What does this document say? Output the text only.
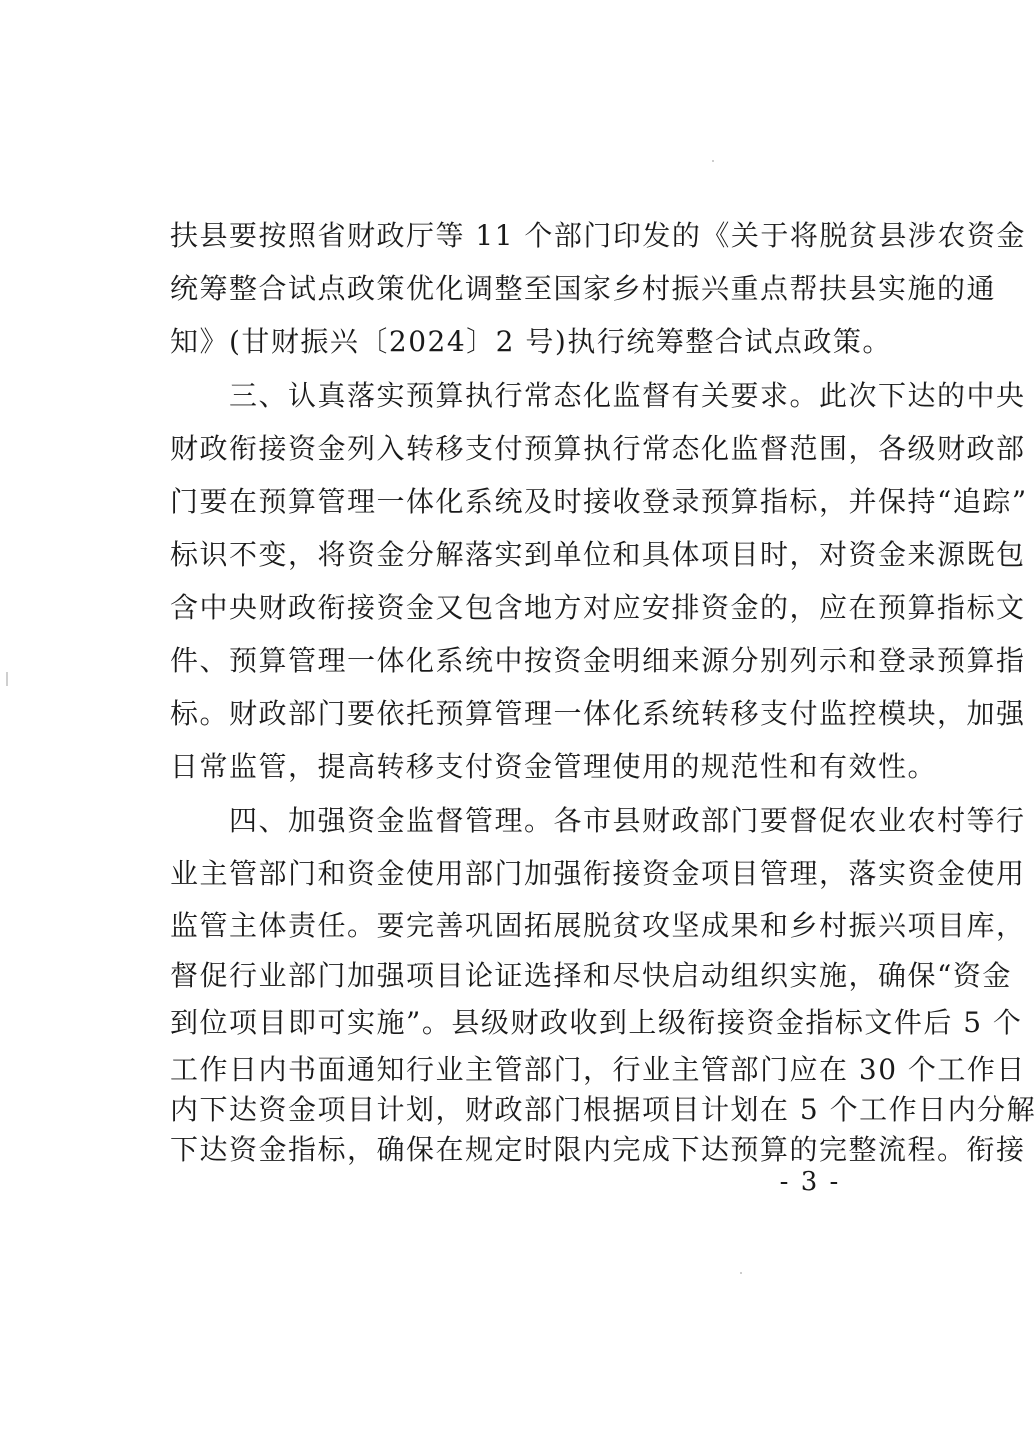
扶县要按照省财政厅等 11 个部门印发的《关于将脱贫县涉农资金
统筹整合试点政策优化调整至国家乡村振兴重点帮扶县实施的通
知》(甘财振兴〔2024〕2 号)执行统筹整合试点政策。
　　三、认真落实预算执行常态化监督有关要求。此次下达的中央
财政衔接资金列入转移支付预算执行常态化监督范围，各级财政部
门要在预算管理一体化系统及时接收登录预算指标，并保持“追踪”
标识不变，将资金分解落实到单位和具体项目时，对资金来源既包
含中央财政衔接资金又包含地方对应安排资金的，应在预算指标文
件、预算管理一体化系统中按资金明细来源分别列示和登录预算指
标。财政部门要依托预算管理一体化系统转移支付监控模块，加强
日常监管，提高转移支付资金管理使用的规范性和有效性。
　　四、加强资金监督管理。各市县财政部门要督促农业农村等行
业主管部门和资金使用部门加强衔接资金项目管理，落实资金使用
监管主体责任。要完善巩固拓展脱贫攻坚成果和乡村振兴项目库，
督促行业部门加强项目论证选择和尽快启动组织实施，确保“资金
到位项目即可实施”。县级财政收到上级衔接资金指标文件后 5 个
工作日内书面通知行业主管部门，行业主管部门应在 30 个工作日
内下达资金项目计划，财政部门根据项目计划在 5 个工作日内分解
- 3 -
下达资金指标，确保在规定时限内完成下达预算的完整流程。衔接
